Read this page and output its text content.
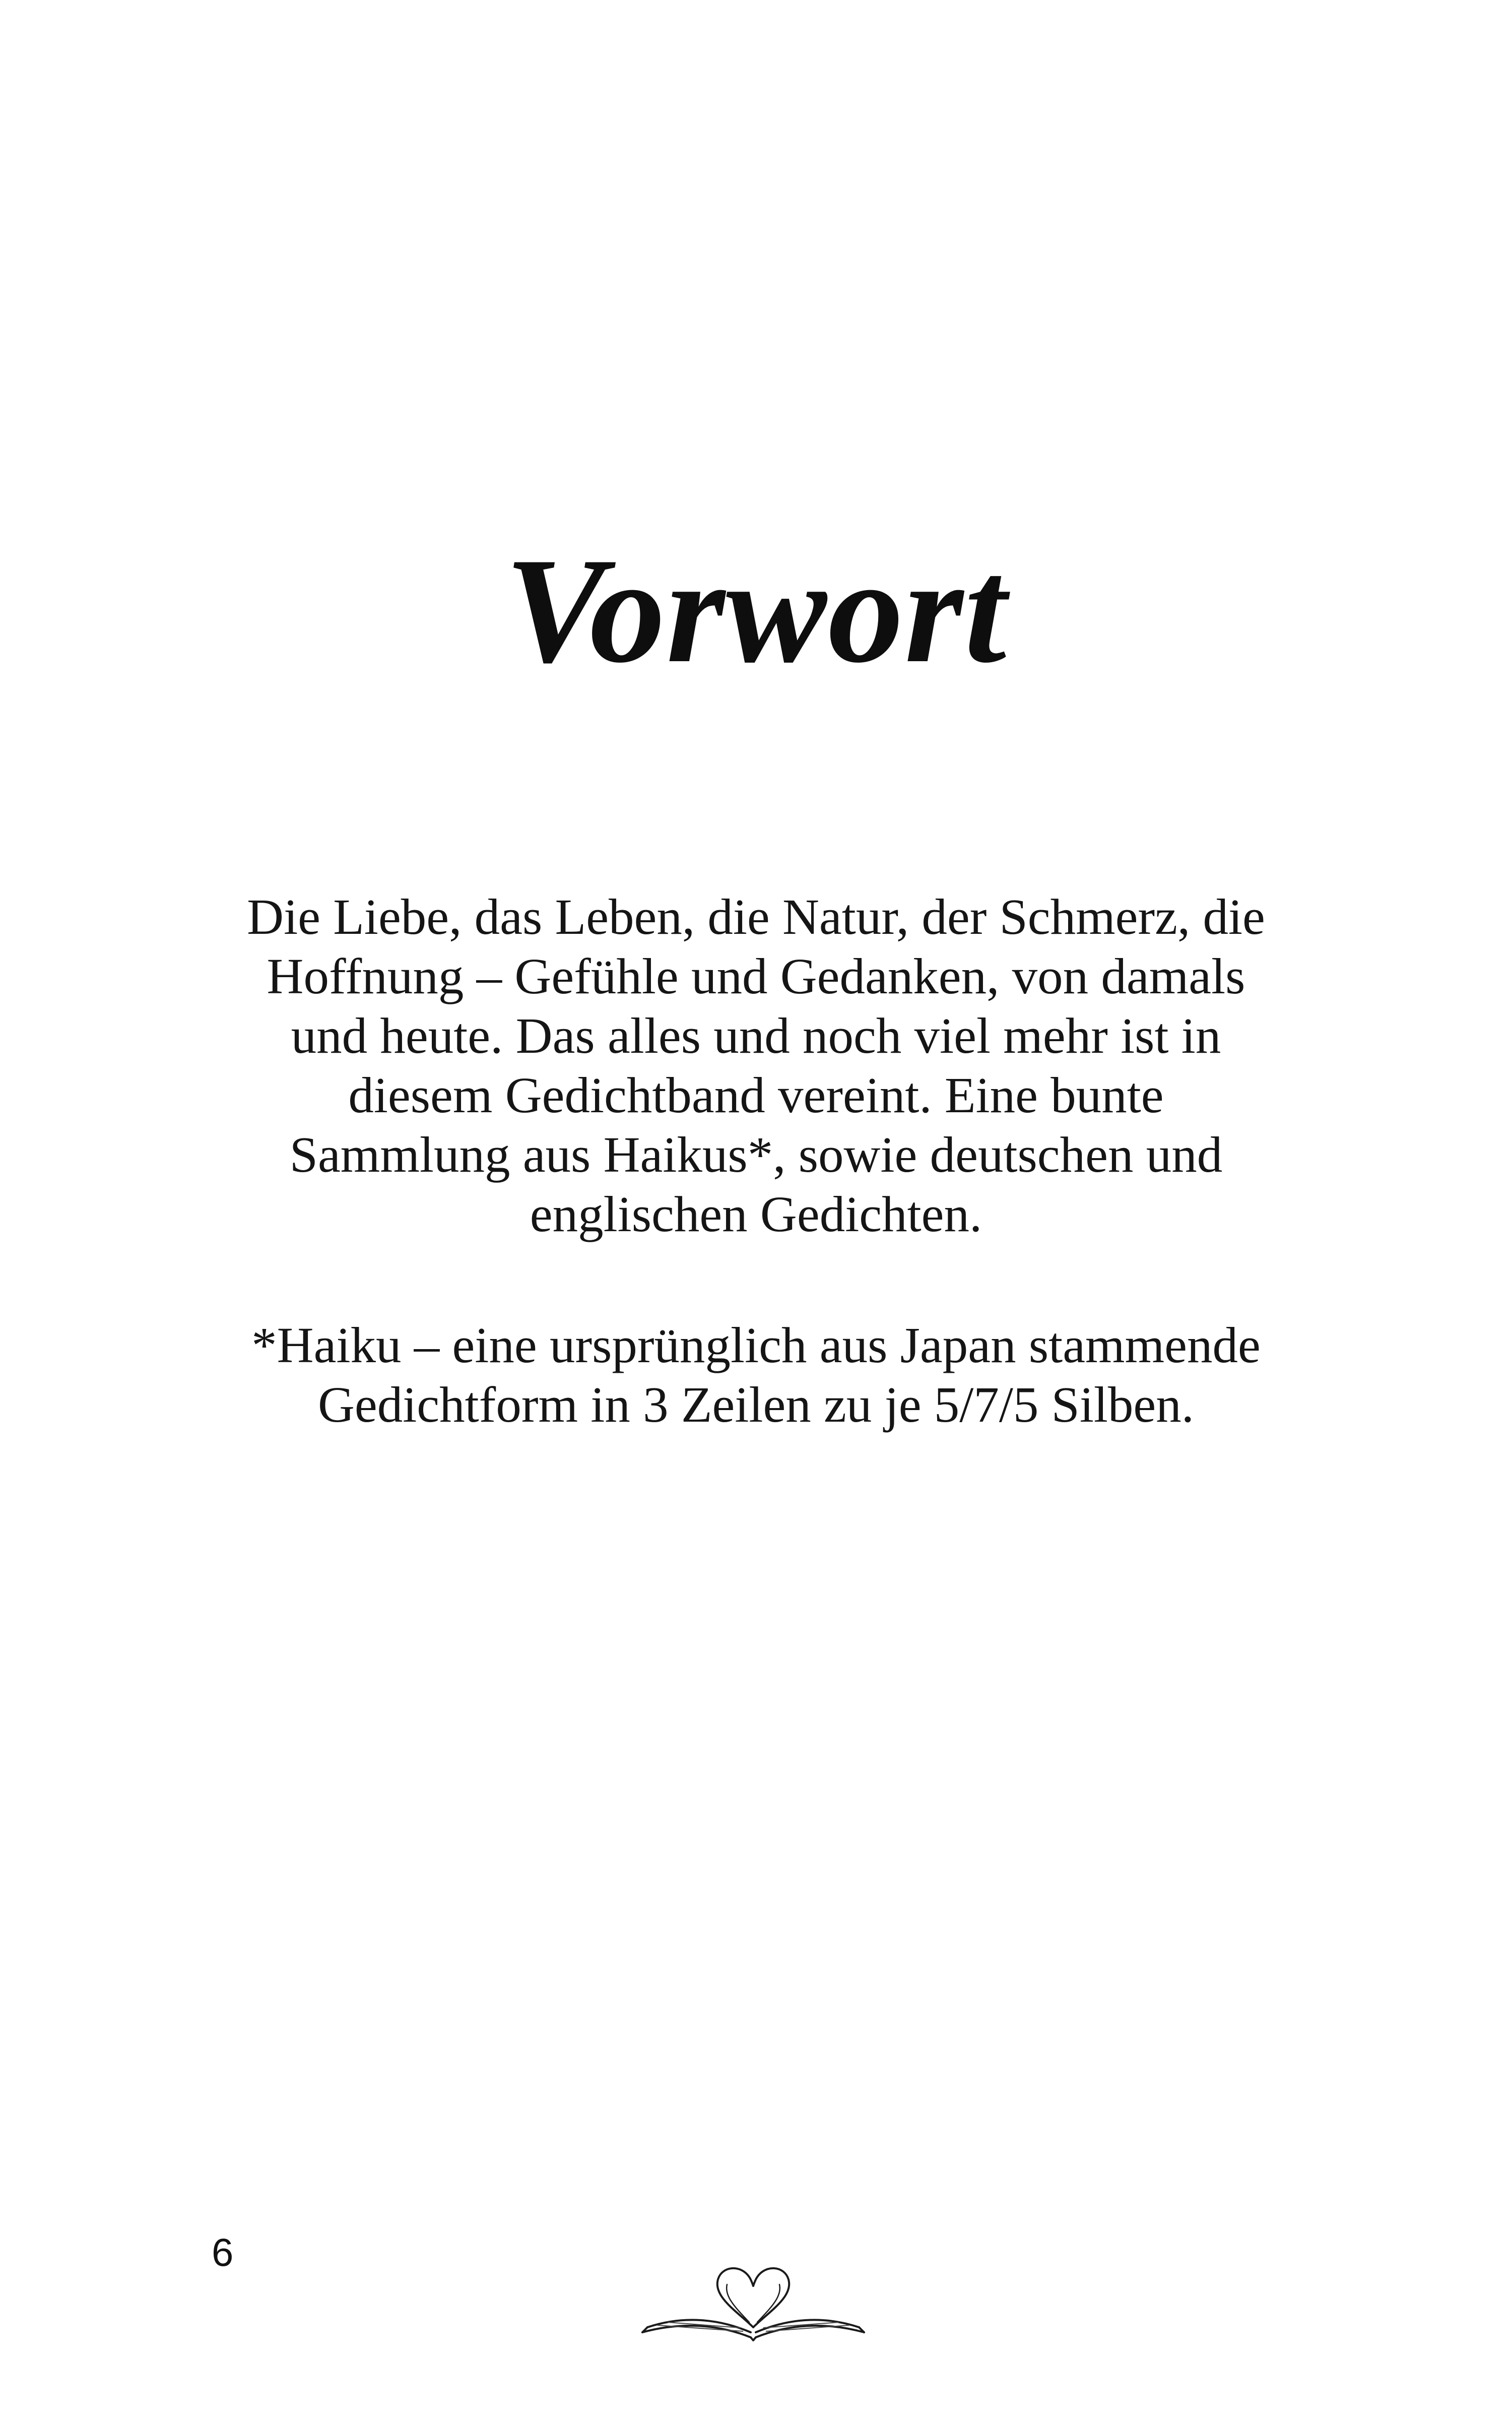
Vorwort
Die Liebe, das Leben, die Natur, der Schmerz, die
Hoffnung – Gefühle und Gedanken, von damals
und heute. Das alles und noch viel mehr ist in
diesem Gedichtband vereint. Eine bunte
Sammlung aus Haikus*, sowie deutschen und
englischen Gedichten.
*Haiku – eine ursprünglich aus Japan stammende
Gedichtform in 3 Zeilen zu je 5/7/5 Silben.
6
